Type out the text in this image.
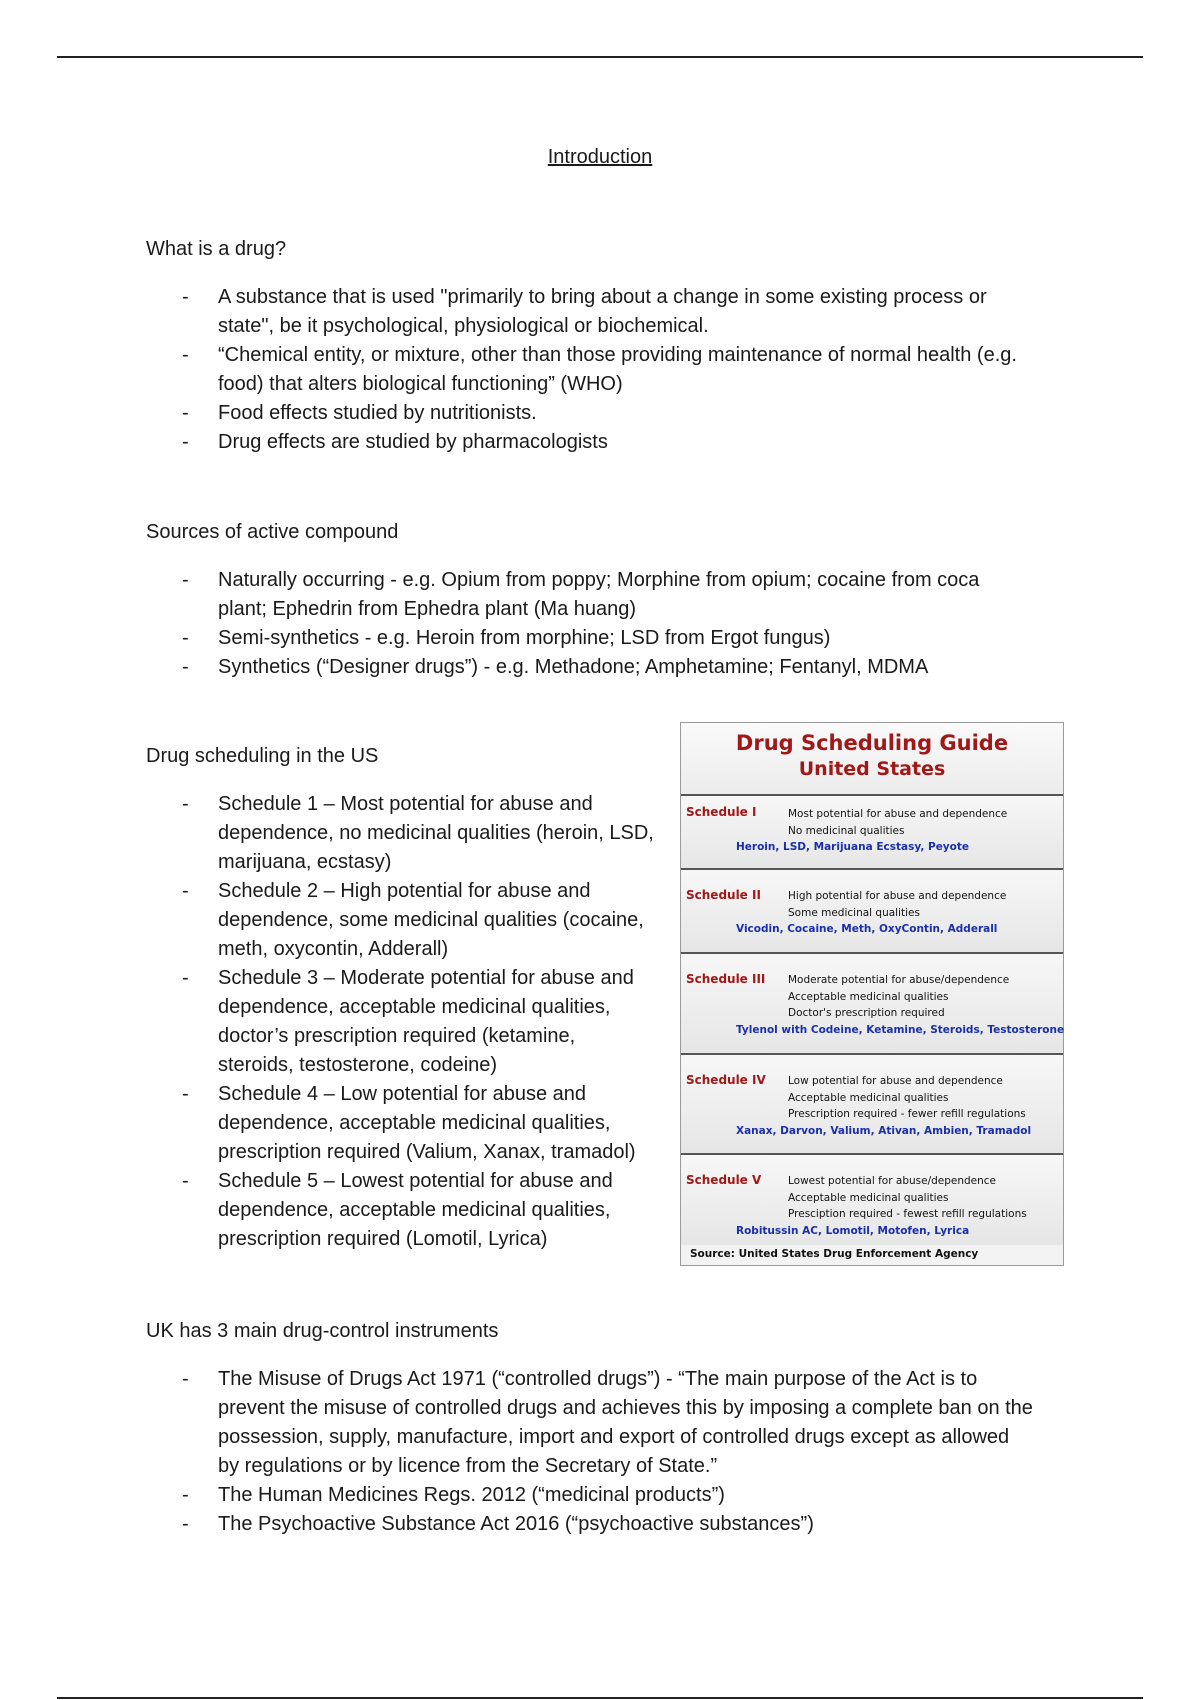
Introduction
What is a drug?
- A substance that is used "primarily to bring about a change in some existing process or
state", be it psychological, physiological or biochemical.
- “Chemical entity, or mixture, other than those providing maintenance of normal health (e.g.
food) that alters biological functioning” (WHO)
- Food effects studied by nutritionists.
- Drug effects are studied by pharmacologists
Sources of active compound
- Naturally occurring - e.g. Opium from poppy; Morphine from opium; cocaine from coca
plant; Ephedrin from Ephedra plant (Ma huang)
- Semi-synthetics - e.g. Heroin from morphine; LSD from Ergot fungus)
- Synthetics (“Designer drugs”) - e.g. Methadone; Amphetamine; Fentanyl, MDMA
Drug scheduling in the US
- Schedule 1 – Most potential for abuse and
dependence, no medicinal qualities (heroin, LSD,
marijuana, ecstasy)
- Schedule 2 – High potential for abuse and
dependence, some medicinal qualities (cocaine,
meth, oxycontin, Adderall)
- Schedule 3 – Moderate potential for abuse and
dependence, acceptable medicinal qualities,
doctor’s prescription required (ketamine,
steroids, testosterone, codeine)
- Schedule 4 – Low potential for abuse and
dependence, acceptable medicinal qualities,
prescription required (Valium, Xanax, tramadol)
- Schedule 5 – Lowest potential for abuse and
dependence, acceptable medicinal qualities,
prescription required (Lomotil, Lyrica)
Drug Scheduling Guide
United States
Schedule I	Most potential for abuse and dependence
No medicinal qualities
Heroin, LSD, Marijuana Ecstasy, Peyote
Schedule II	High potential for abuse and dependence
Some medicinal qualities
Vicodin, Cocaine, Meth, OxyContin, Adderall
Schedule III Moderate potential for abuse/dependence
Acceptable medicinal qualities
Doctor's prescription required
Tylenol with Codeine, Ketamine, Steroids, Testosterone
Schedule IV Low potential for abuse and dependence
Acceptable medicinal qualities
Prescription required - fewer refill regulations
Xanax, Darvon, Valium, Ativan, Ambien, Tramadol
Schedule V	Lowest potential for abuse/dependence
Acceptable medicinal qualities
Presciption required - fewest refill regulations
Robitussin AC, Lomotil, Motofen, Lyrica
Source: United States Drug Enforcement Agency
UK has 3 main drug-control instruments
- The Misuse of Drugs Act 1971 (“controlled drugs”) - “The main purpose of the Act is to
prevent the misuse of controlled drugs and achieves this by imposing a complete ban on the
possession, supply, manufacture, import and export of controlled drugs except as allowed
by regulations or by licence from the Secretary of State.”
- The Human Medicines Regs. 2012 (“medicinal products”)
- The Psychoactive Substance Act 2016 (“psychoactive substances”)
